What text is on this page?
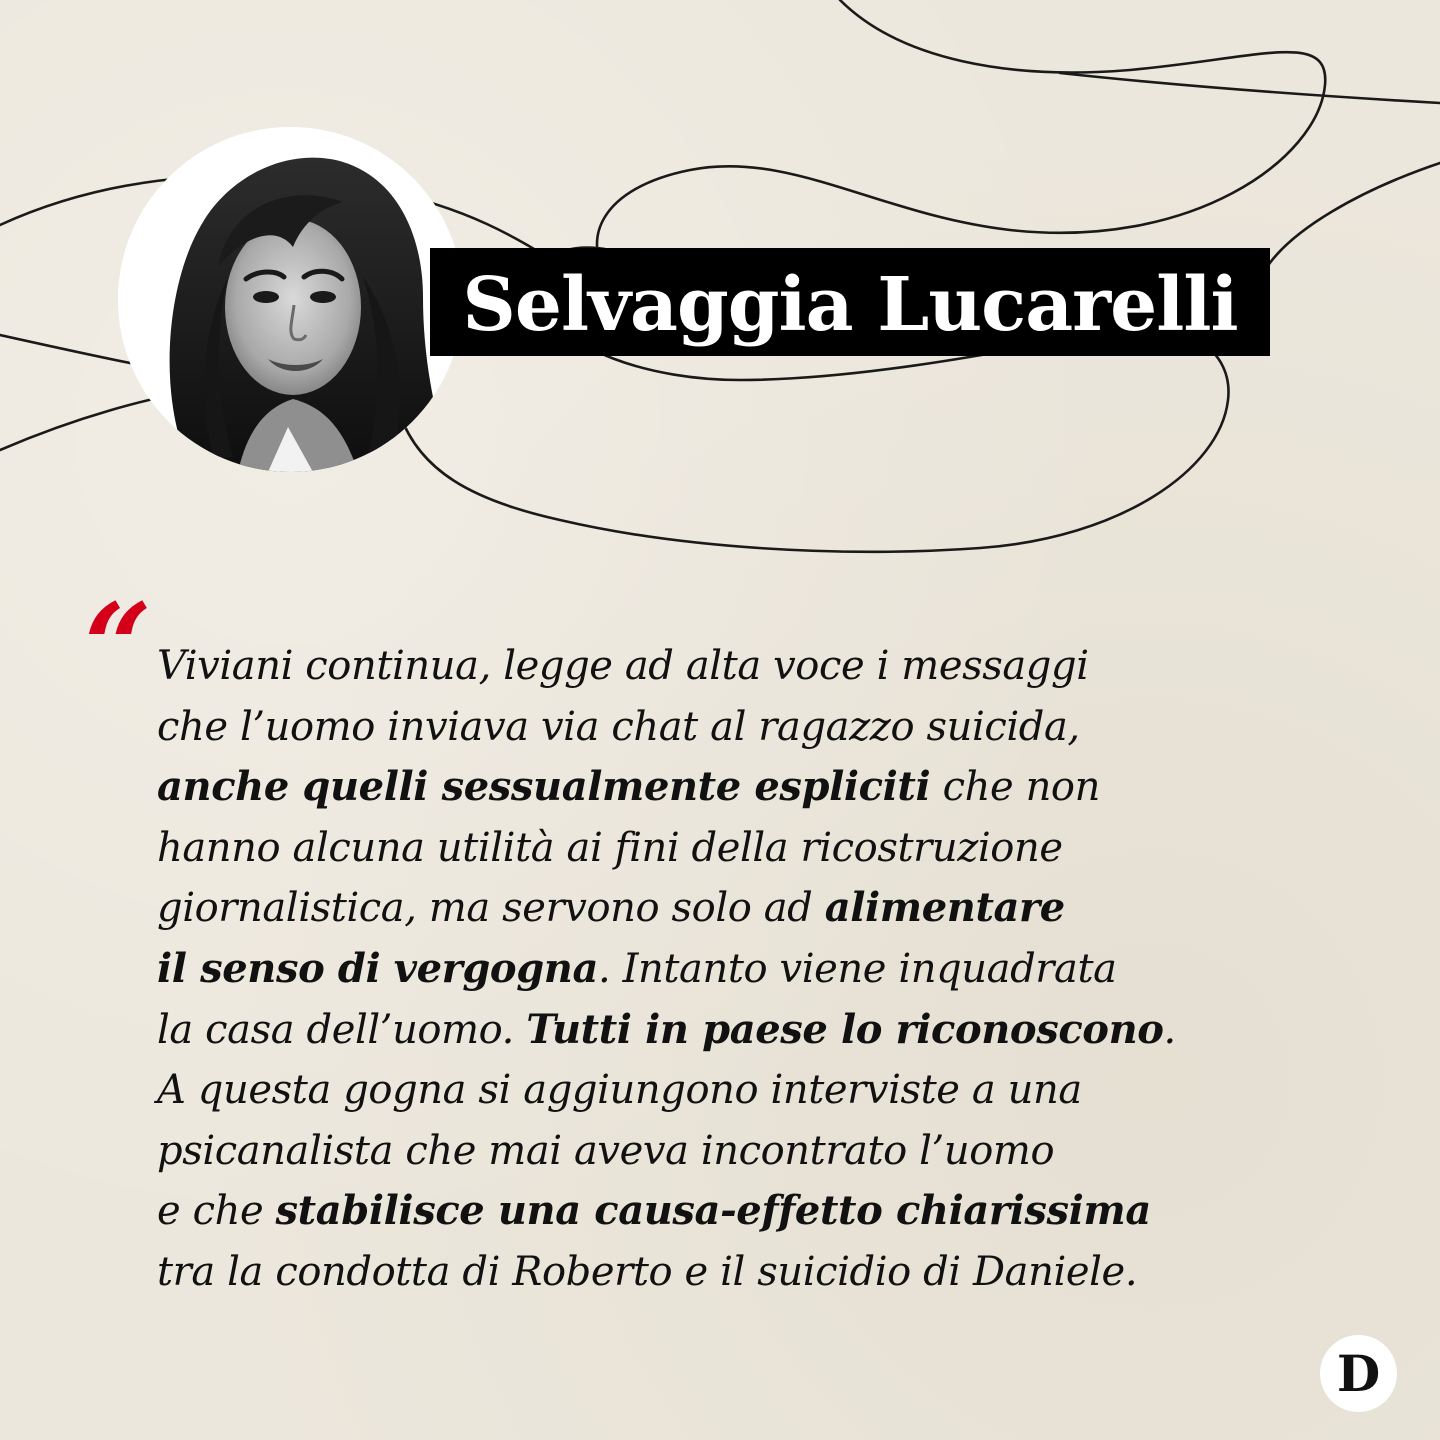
Selvaggia Lucarelli
“ Viviani continua, legge ad alta voce i messaggi
che l’uomo inviava via chat al ragazzo suicida,
anche quelli sessualmente espliciti che non
hanno alcuna utilità ai fini della ricostruzione
giornalistica, ma servono solo ad alimentare
il senso di vergogna. Intanto viene inquadrata
la casa dell’uomo. Tutti in paese lo riconoscono.
A questa gogna si aggiungono interviste a una
psicanalista che mai aveva incontrato l’uomo
e che stabilisce una causa-effetto chiarissima
tra la condotta di Roberto e il suicidio di Daniele.
D
